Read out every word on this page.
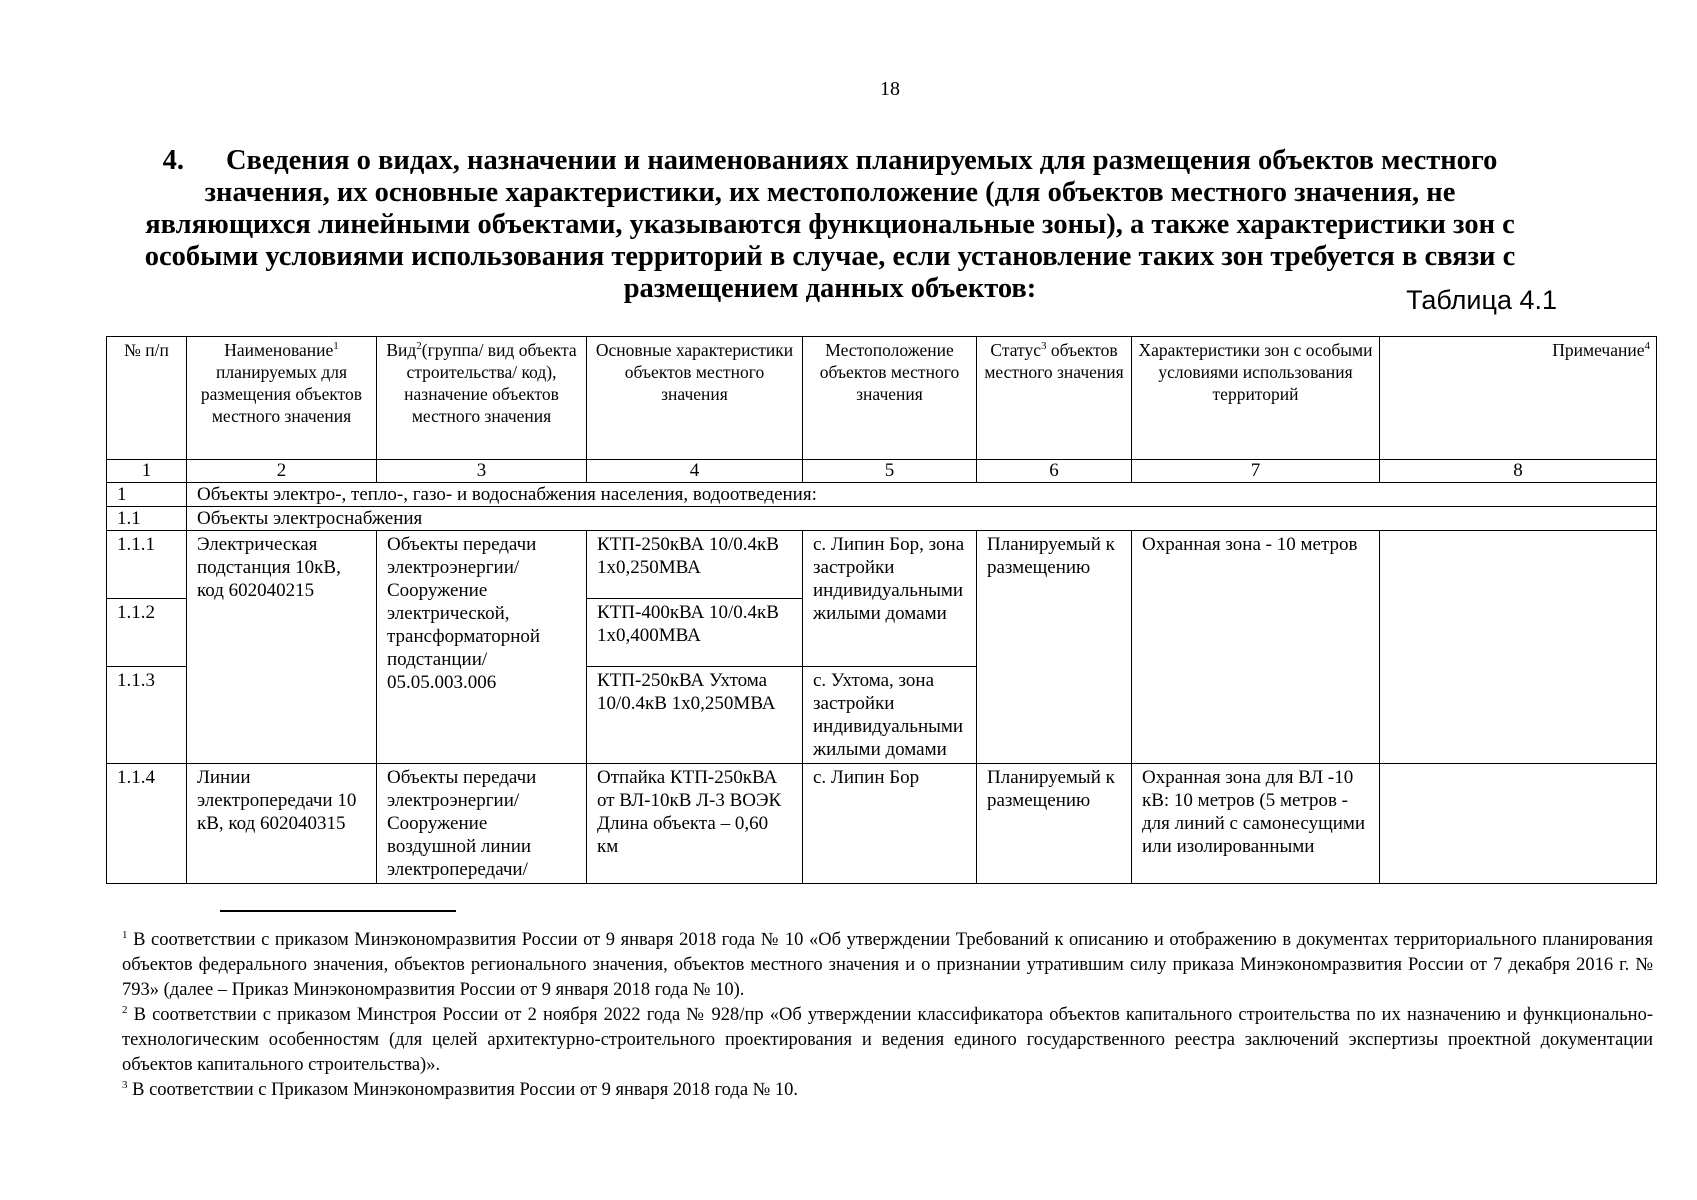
18
4. Сведения о видах, назначении и наименованиях планируемых для размещения объектов местного значения, их основные характеристики, их местоположение (для объектов местного значения, не являющихся линейными объектами, указываются функциональные зоны), а также характеристики зон с особыми условиями использования территорий в случае, если установление таких зон требуется в связи с размещением данных объектов:	Таблица 4.1
№ п/п	Наименование$^1$ планируемых для размещения объектов местного значения	Вид$^2$(группа/ вид объекта строительства/ код), назначение объектов местного значения	Основные характеристики объектов местного значения	Местоположение объектов местного значения	Статус$^3$ объектов местного значения	Характеристики зон с особыми условиями использования территорий	Примечание$^4$
1	2	3	4	5	6	7	8
1	Объекты электро-, тепло-, газо- и водоснабжения населения, водоотведения:						
1.1	Объекты электроснабжения						
1.1.1	Электрическая подстанция 10кВ, код 602040215	Объекты передачи электроэнергии/ Сооружение электрической, трансформаторной подстанции/ 05.05.003.006	КТП-250кВА 10/0.4кВ 1x0,250МВА	с. Липин Бор, зона застройки индивидуальными жилыми домами	Планируемый к размещению	Охранная зона - 10 метров	
1.1.2			КТП-400кВА 10/0.4кВ 1x0,400МВА				
1.1.3			КТП-250кВА Ухтома 10/0.4кВ 1x0,250МВА	с. Ухтома, зона застройки индивидуальными жилыми домами			
1.1.4	Линии электропередачи 10 кВ, код 602040315	Объекты передачи электроэнергии/ Сооружение воздушной линии электропередачи/	Отпайка КТП-250кВА от ВЛ-10кВ Л-3 ВОЭК Длина объекта – 0,60 км	с. Липин Бор	Планируемый к размещению	Охранная зона для ВЛ -10 кВ: 10 метров (5 метров - для линий с самонесущими или изолированными	

$^1$ В соответствии с приказом Минэкономразвития России от 9 января 2018 года № 10 «Об утверждении Требований к описанию и отображению в документах территориального планирования объектов федерального значения, объектов регионального значения, объектов местного значения и о признании утратившим силу приказа Минэкономразвития России от 7 декабря 2016 г. № 793» (далее – Приказ Минэкономразвития России от 9 января 2018 года № 10).

$^2$ В соответствии с приказом Минстроя России от 2 ноября 2022 года № 928/пр «Об утверждении классификатора объектов капитального строительства по их назначению и функционально-технологическим особенностям (для целей архитектурно-строительного проектирования и ведения единого государственного реестра заключений экспертизы проектной документации объектов капитального строительства)».

$^3$ В соответствии с Приказом Минэкономразвития России от 9 января 2018 года № 10.
